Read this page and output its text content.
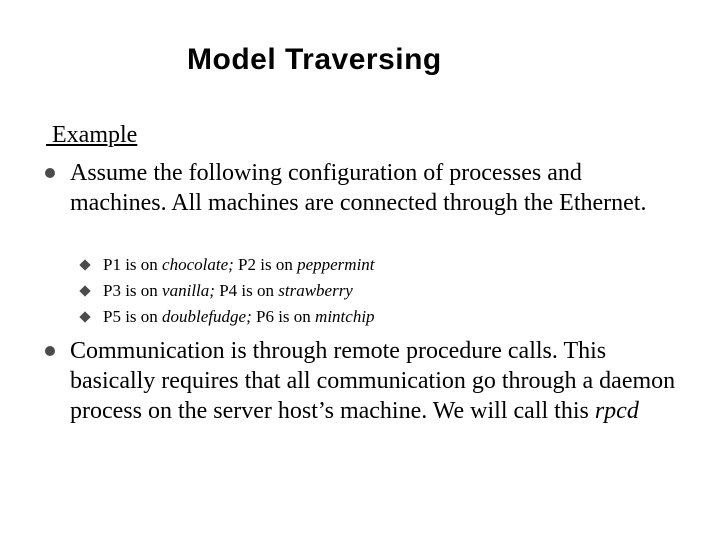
Model Traversing
Example
Assume the following configuration of processes and machines. All machines are connected through the Ethernet.
P1 is on chocolate; P2 is on peppermint
P3 is on vanilla; P4 is on strawberry
P5 is on doublefudge; P6 is on mintchip
Communication is through remote procedure calls. This basically requires that all communication go through a daemon process on the server host’s machine. We will call this rpcd
